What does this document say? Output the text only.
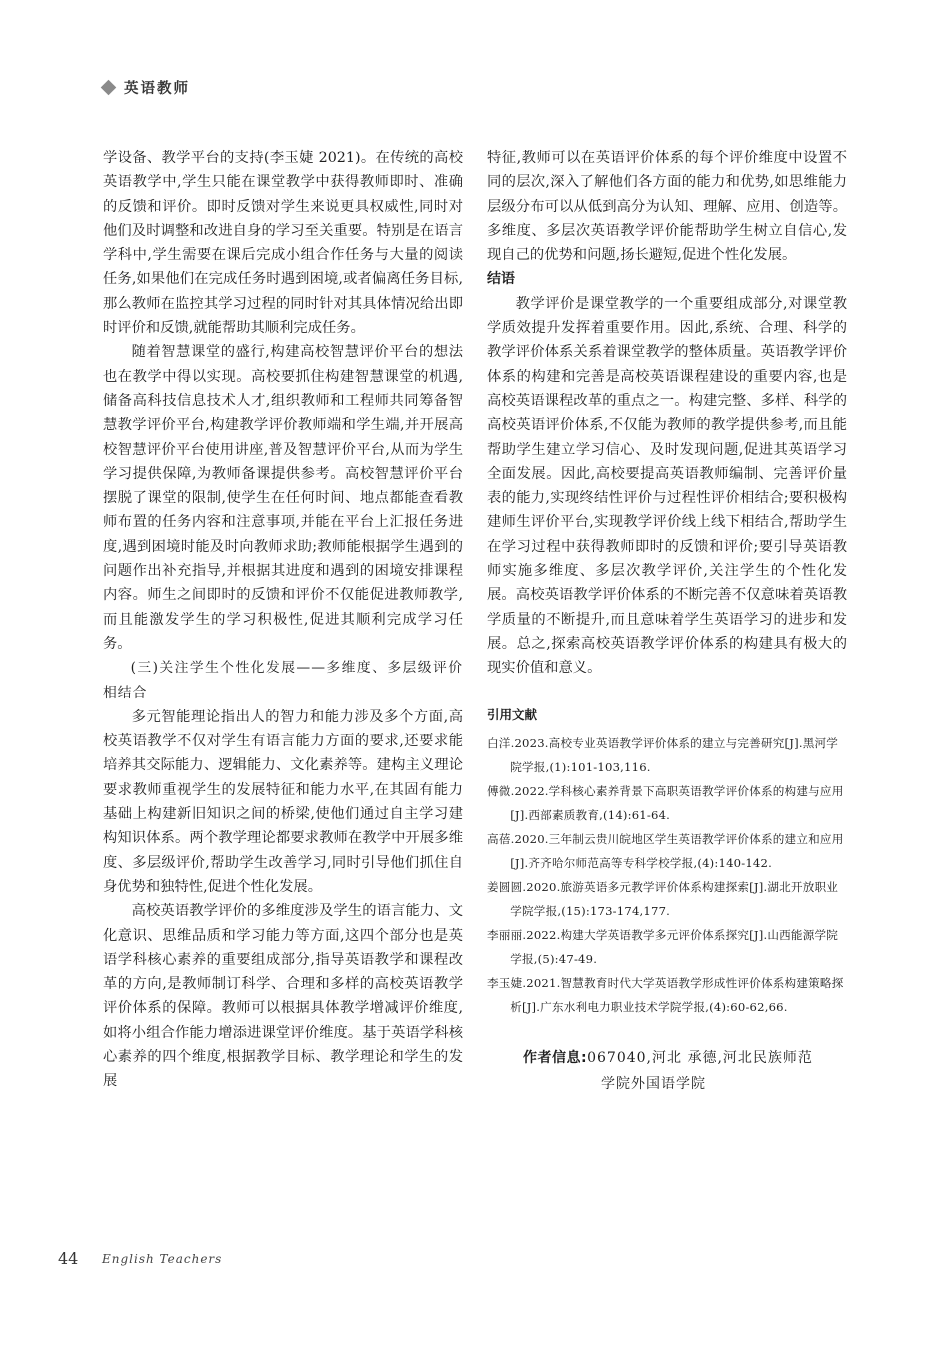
英语教师

学设备、教学平台的支持(李玉婕 2021)。在传统的高校英语教学中,学生只能在课堂教学中获得教师即时、准确的反馈和评价。即时反馈对学生来说更具权威性,同时对他们及时调整和改进自身的学习至关重要。特别是在语言学科中,学生需要在课后完成小组合作任务与大量的阅读任务,如果他们在完成任务时遇到困境,或者偏离任务目标,那么教师在监控其学习过程的同时针对其具体情况给出即时评价和反馈,就能帮助其顺利完成任务。

随着智慧课堂的盛行,构建高校智慧评价平台的想法也在教学中得以实现。高校要抓住构建智慧课堂的机遇,储备高科技信息技术人才,组织教师和工程师共同筹备智慧教学评价平台,构建教学评价教师端和学生端,并开展高校智慧评价平台使用讲座,普及智慧评价平台,从而为学生学习提供保障,为教师备课提供参考。高校智慧评价平台摆脱了课堂的限制,使学生在任何时间、地点都能查看教师布置的任务内容和注意事项,并能在平台上汇报任务进度,遇到困境时能及时向教师求助;教师能根据学生遇到的问题作出补充指导,并根据其进度和遇到的困境安排课程内容。师生之间即时的反馈和评价不仅能促进教师教学,而且能激发学生的学习积极性,促进其顺利完成学习任务。

(三)关注学生个性化发展——多维度、多层级评价相结合

多元智能理论指出人的智力和能力涉及多个方面,高校英语教学不仅对学生有语言能力方面的要求,还要求能培养其交际能力、逻辑能力、文化素养等。建构主义理论要求教师重视学生的发展特征和能力水平,在其固有能力基础上构建新旧知识之间的桥梁,使他们通过自主学习建构知识体系。两个教学理论都要求教师在教学中开展多维度、多层级评价,帮助学生改善学习,同时引导他们抓住自身优势和独特性,促进个性化发展。

高校英语教学评价的多维度涉及学生的语言能力、文化意识、思维品质和学习能力等方面,这四个部分也是英语学科核心素养的重要组成部分,指导英语教学和课程改革的方向,是教师制订科学、合理和多样的高校英语教学评价体系的保障。教师可以根据具体教学增减评价维度,如将小组合作能力增添进课堂评价维度。基于英语学科核心素养的四个维度,根据教学目标、教学理论和学生的发展

特征,教师可以在英语评价体系的每个评价维度中设置不同的层次,深入了解他们各方面的能力和优势,如思维能力层级分布可以从低到高分为认知、理解、应用、创造等。多维度、多层次英语教学评价能帮助学生树立自信心,发现自己的优势和问题,扬长避短,促进个性化发展。

结语

教学评价是课堂教学的一个重要组成部分,对课堂教学质效提升发挥着重要作用。因此,系统、合理、科学的教学评价体系关系着课堂教学的整体质量。英语教学评价体系的构建和完善是高校英语课程建设的重要内容,也是高校英语课程改革的重点之一。构建完整、多样、科学的高校英语评价体系,不仅能为教师的教学提供参考,而且能帮助学生建立学习信心、及时发现问题,促进其英语学习全面发展。因此,高校要提高英语教师编制、完善评价量表的能力,实现终结性评价与过程性评价相结合;要积极构建师生评价平台,实现教学评价线上线下相结合,帮助学生在学习过程中获得教师即时的反馈和评价;要引导英语教师实施多维度、多层次教学评价,关注学生的个性化发展。高校英语教学评价体系的不断完善不仅意味着英语教学质量的不断提升,而且意味着学生英语学习的进步和发展。总之,探索高校英语教学评价体系的构建具有极大的现实价值和意义。

引用文献
白洋.2023.高校专业英语教学评价体系的建立与完善研究[J].黑河学院学报,(1):101-103,116.
傅微.2022.学科核心素养背景下高职英语教学评价体系的构建与应用[J].西部素质教育,(14):61-64.
高蓓.2020.三年制云贵川皖地区学生英语教学评价体系的建立和应用[J].齐齐哈尔师范高等专科学校学报,(4):140-142.
姜圆圆.2020.旅游英语多元教学评价体系构建探索[J].湖北开放职业学院学报,(15):173-174,177.
李丽丽.2022.构建大学英语教学多元评价体系探究[J].山西能源学院学报,(5):47-49.
李玉婕.2021.智慧教育时代大学英语教学形成性评价体系构建策略探析[J].广东水利电力职业技术学院学报,(4):60-62,66.
作者信息:067040,河北 承德,河北民族师范
学院外国语学院
44 English Teachers
